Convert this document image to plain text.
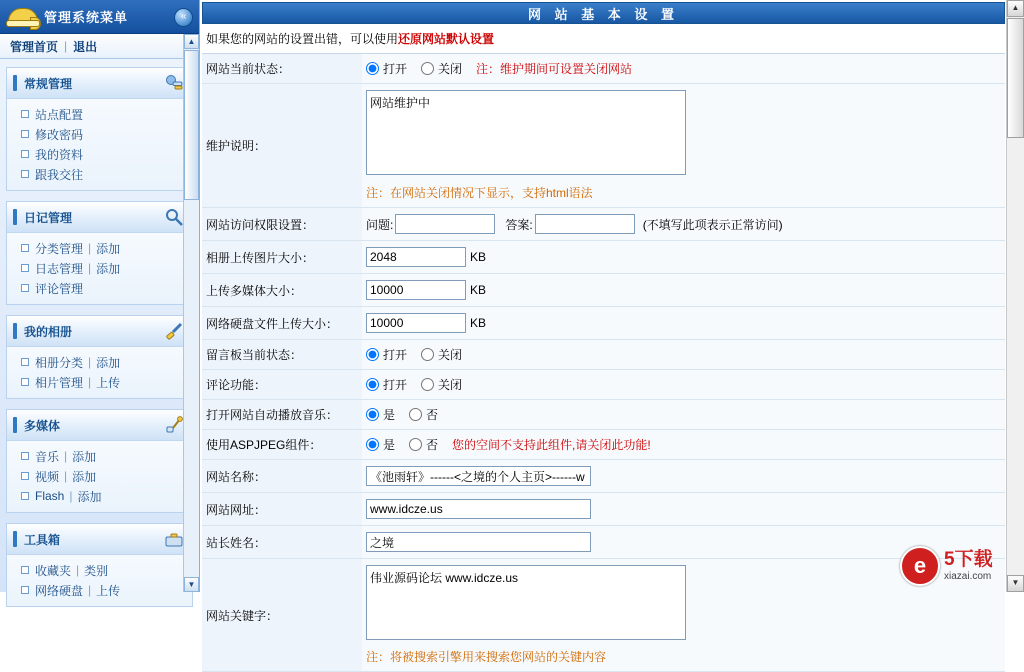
管理系统菜单	«
管理首页 | 退出
常规管理
站点配置
修改密码
我的资料
跟我交往
日记管理
分类管理 | 添加
日志管理 | 添加
评论管理
我的相册
相册分类 | 添加
相片管理 | 上传
多媒体
音乐 | 添加
视频 | 添加
Flash | 添加
工具箱
收藏夹 | 类别
网络硬盘 | 上传
▲
▼
网 站 基 本 设 置
如果您的网站的设置出错，可以使用还原网站默认设置
网站当前状态：	打开 关闭 注：维护期间可设置关闭网站

维护说明：	网站维护中
注：在网站关闭情况下显示，支持html语法

网站访问权限设置：	问题: 答案: (不填写此项表示正常访问)

相册上传图片大小：	
2048KB

上传多媒体大小：	
10000KB

网络硬盘文件上传大小：	
10000KB

留言板当前状态：	打开 关闭

评论功能：	打开 关闭

打开网站自动播放音乐：	是 否

使用ASPJPEG组件：	是 否 您的空间不支持此组件,请关闭此功能!

网站名称：	《池雨轩》------<之境的个人主页>------w
网站网址：	www.idcze.us
站长姓名：	之境
网站关键字：	伟业源码论坛 www.idcze.us
注：将被搜索引擎用来搜索您网站的关键内容
▲
▼
e 5下载
xiazai.com
